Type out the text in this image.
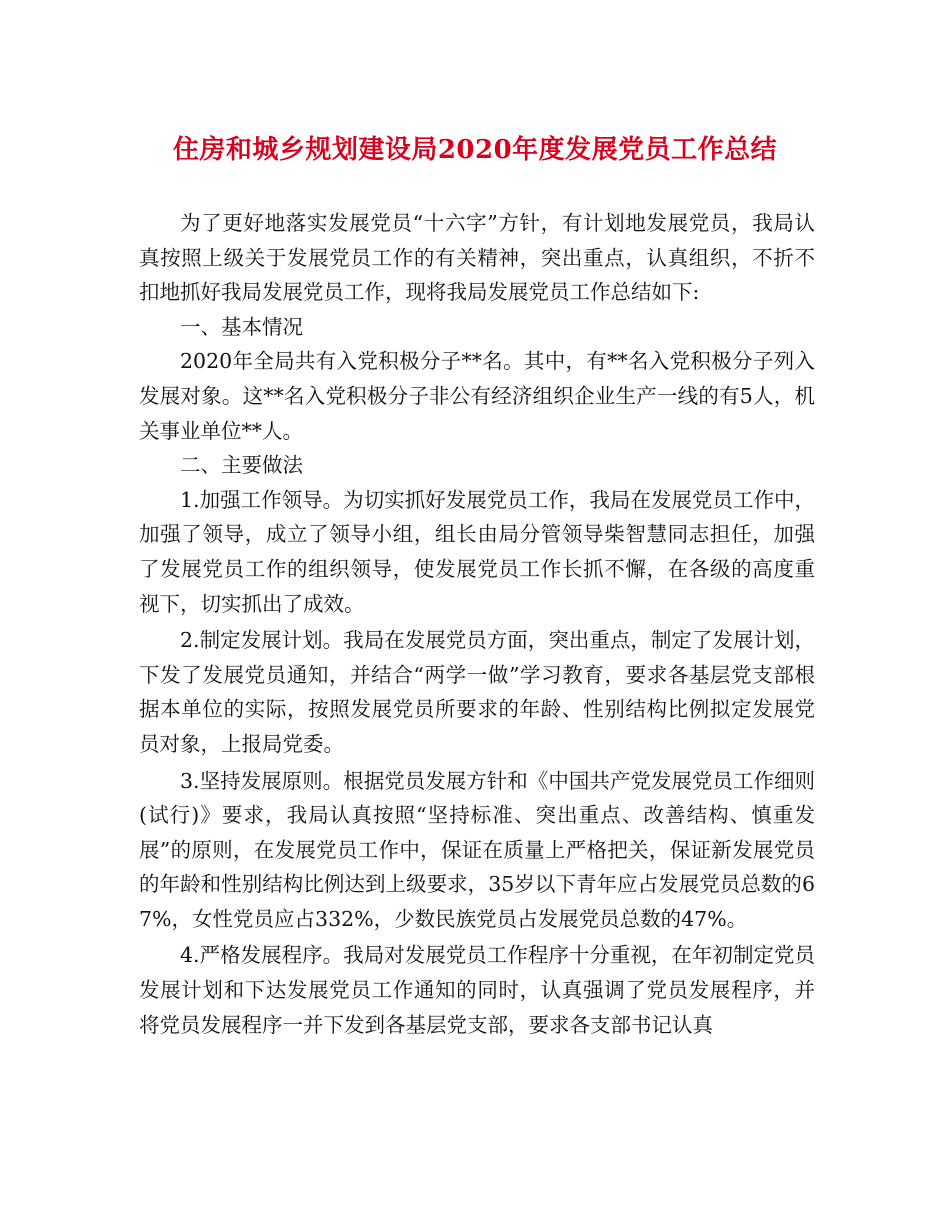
住房和城乡规划建设局2020年度发展党员工作总结

为了更好地落实发展党员“十六字”方针，有计划地发展党员，我局认真按照上级关于发展党员工作的有关精神，突出重点，认真组织，不折不扣地抓好我局发展党员工作，现将我局发展党员工作总结如下:

一、基本情况

2020年全局共有入党积极分子**名。其中，有**名入党积极分子列入发展对象。这**名入党积极分子非公有经济组织企业生产一线的有5人，机关事业单位**人。

二、主要做法

1.加强工作领导。为切实抓好发展党员工作，我局在发展党员工作中，加强了领导，成立了领导小组，组长由局分管领导柴智慧同志担任，加强了发展党员工作的组织领导，使发展党员工作长抓不懈，在各级的高度重视下，切实抓出了成效。

2.制定发展计划。我局在发展党员方面，突出重点，制定了发展计划，下发了发展党员通知，并结合“两学一做”学习教育，要求各基层党支部根据本单位的实际，按照发展党员所要求的年龄、性别结构比例拟定发展党员对象，上报局党委。

3.坚持发展原则。根据党员发展方针和《中国共产党发展党员工作细则(试行)》要求，我局认真按照“坚持标准、突出重点、改善结构、慎重发展”的原则，在发展党员工作中，保证在质量上严格把关，保证新发展党员的年龄和性别结构比例达到上级要求，35岁以下青年应占发展党员总数的67%，女性党员应占332%，少数民族党员占发展党员总数的47%。

4.严格发展程序。我局对发展党员工作程序十分重视，在年初制定党员发展计划和下达发展党员工作通知的同时，认真强调了党员发展程序，并将党员发展程序一并下发到各基层党支部，要求各支部书记认真
